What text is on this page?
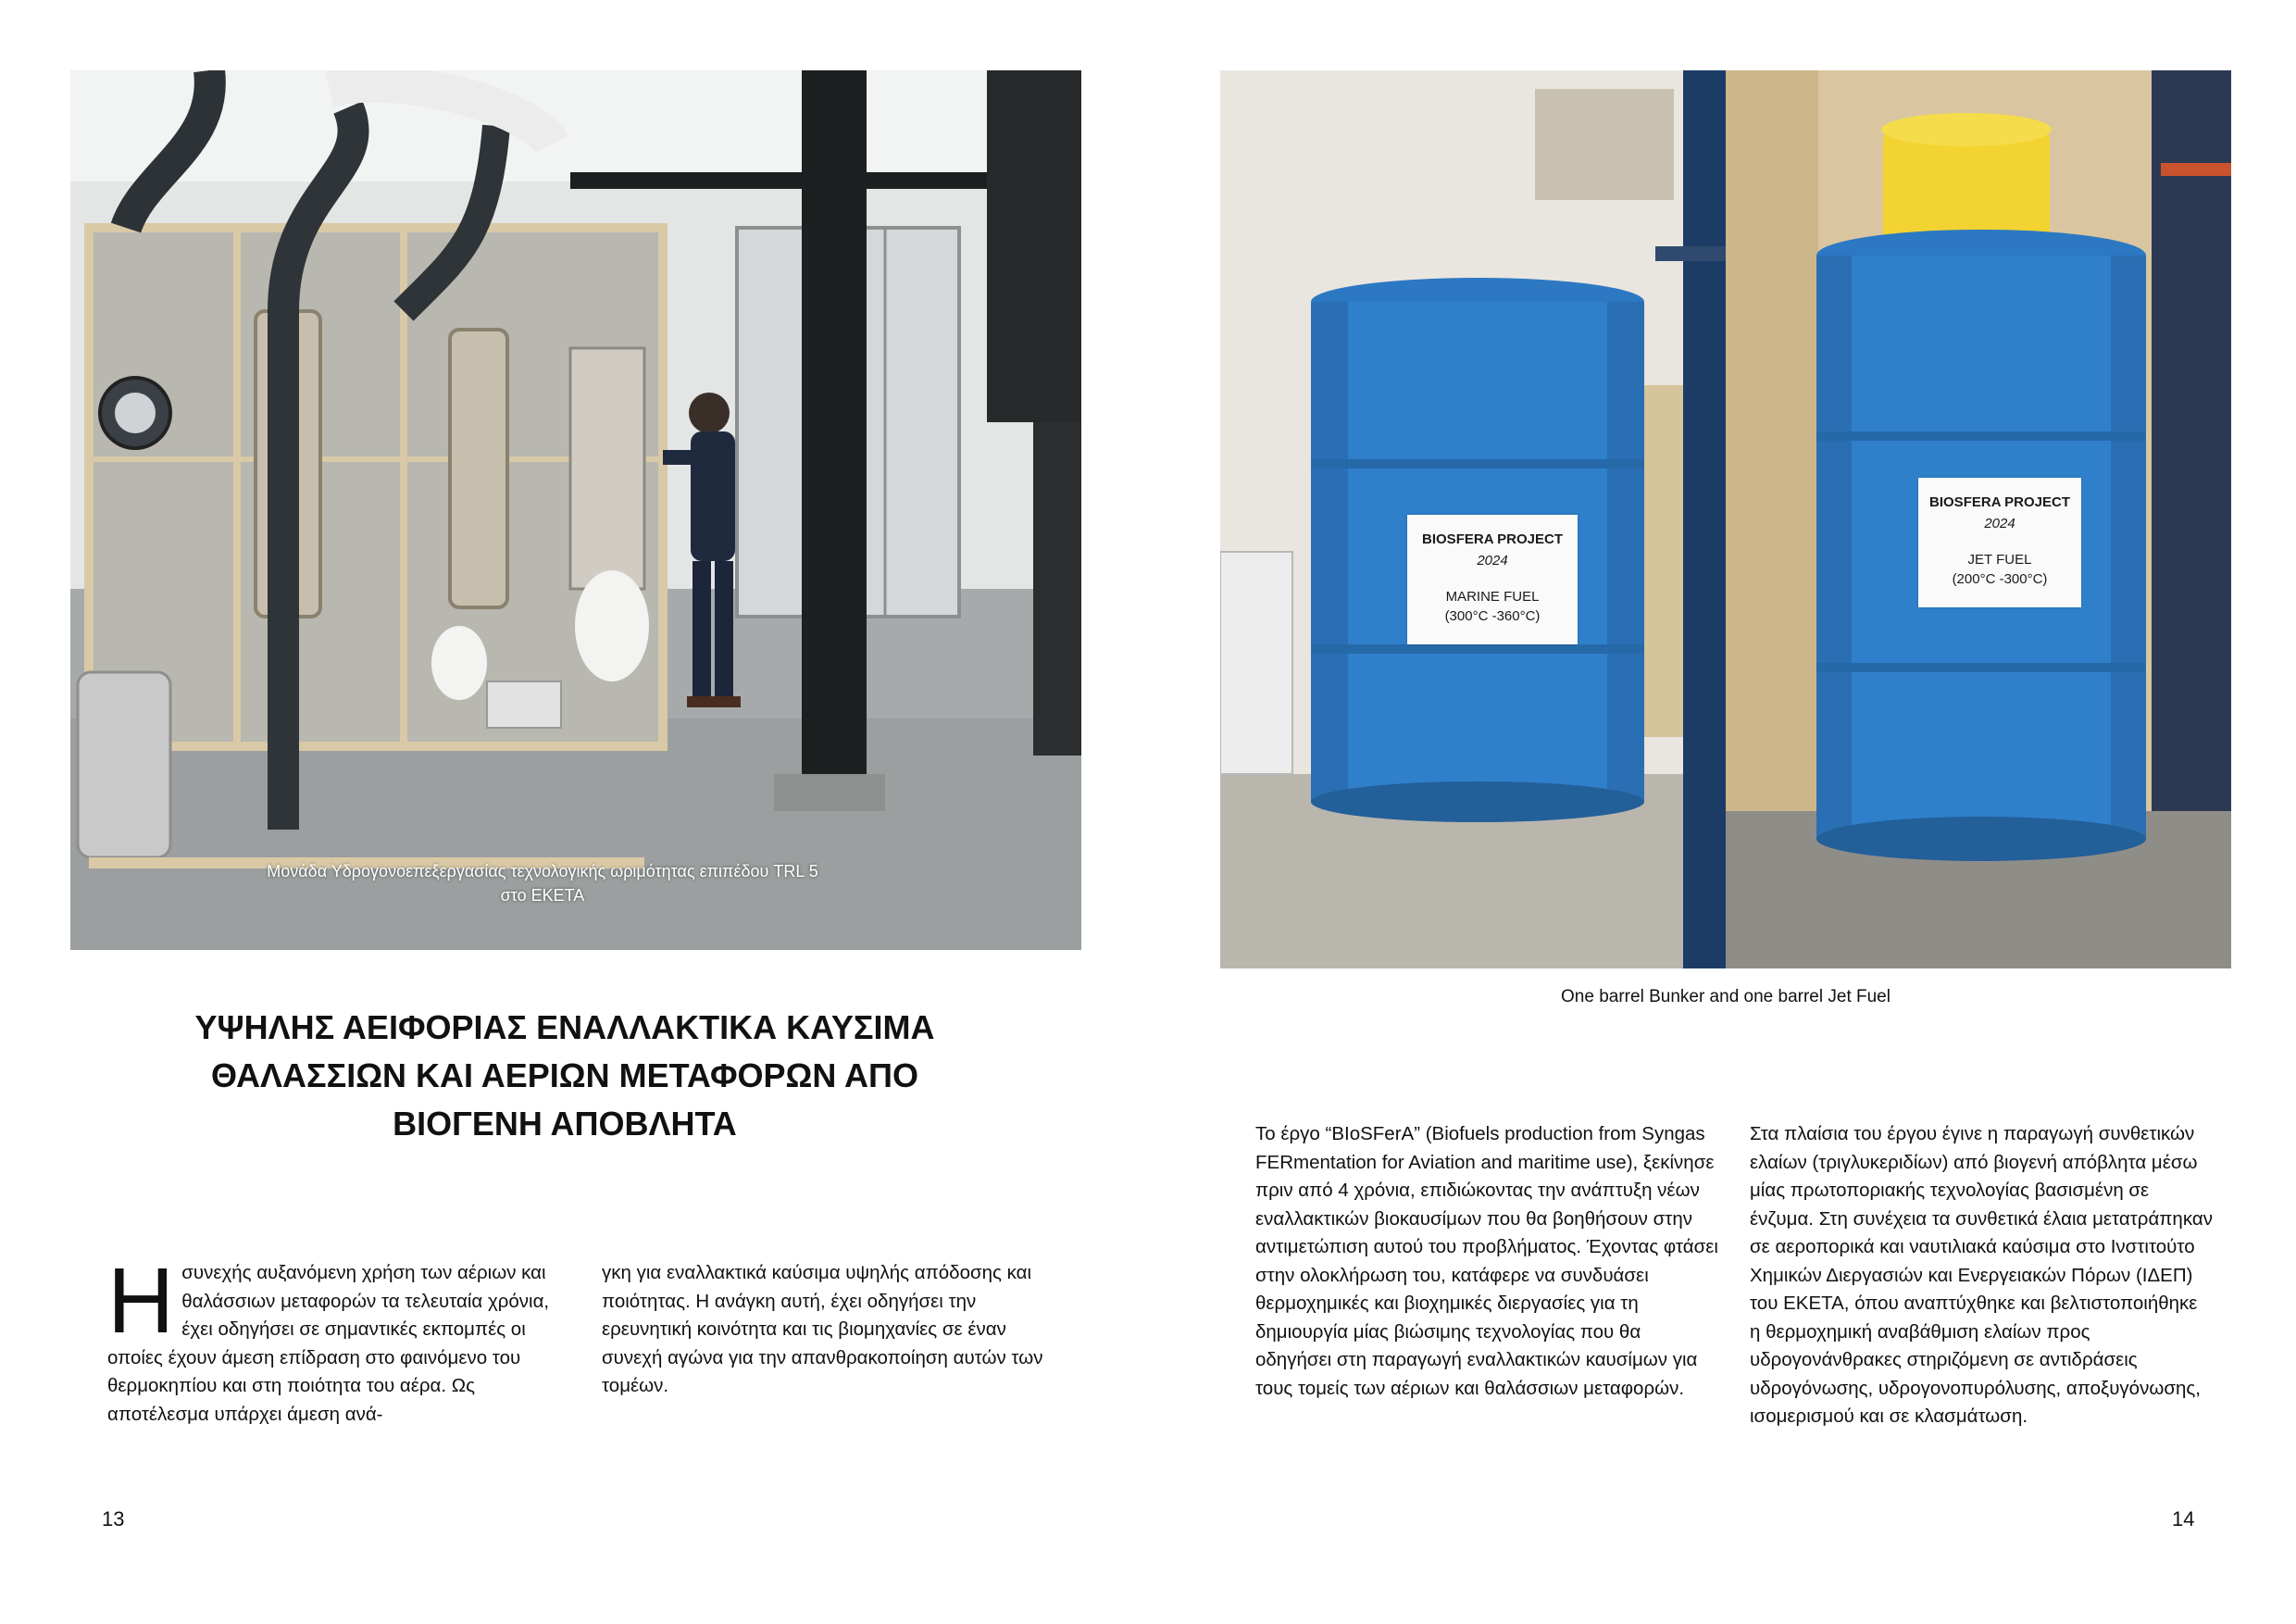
Μονάδα Υδρογονοεπεξεργασίας τεχνολογικής ωριμότητας επιπέδου TRL 5 στο ΕΚΕΤΑ
ΥΨΗΛΗΣ ΑΕΙΦΟΡΙΑΣ ΕΝΑΛΛΑΚΤΙΚΑ ΚΑΥΣΙΜΑ ΘΑΛΑΣΣΙΩΝ ΚΑΙ ΑΕΡΙΩΝ ΜΕΤΑΦΟΡΩΝ ΑΠΟ ΒΙΟΓΕΝΗ ΑΠΟΒΛΗΤΑ
Η συνεχής αυξανόμενη χρήση των αέριων και θαλάσσιων μεταφορών τα τελευταία χρόνια, έχει οδηγήσει σε σημαντικές εκπομπές οι οποίες έχουν άμεση επίδραση στο φαινόμενο του θερμοκηπίου και στη ποιότητα του αέρα. Ως αποτέλεσμα υπάρχει άμεση ανά-

γκη για εναλλακτικά καύσιμα υψηλής απόδοσης και ποιότητας. Η ανάγκη αυτή, έχει οδηγήσει την ερευνητική κοινότητα και τις βιομηχανίες σε έναν συνεχή αγώνα για την απανθρακοποίηση αυτών των τομέων.

13
BIOSFERA PROJECT
2024
MARINE FUEL
(300°C -360°C)
BIOSFERA PROJECT
2024
JET FUEL
(200°C -300°C)
One barrel Bunker and one barrel Jet Fuel

Το έργο “BIoSFerA” (Biofuels production from Syngas FERmentation for Aviation and maritime use), ξεκίνησε πριν από 4 χρόνια, επιδιώκοντας την ανάπτυξη νέων εναλλακτικών βιοκαυσίμων που θα βοηθήσουν στην αντιμετώπιση αυτού του προβλήματος. Έχοντας φτάσει στην ολοκλήρωση του, κατάφερε να συνδυάσει θερμοχημικές και βιοχημικές διεργασίες για τη δημιουργία μίας βιώσιμης τεχνολογίας που θα οδηγήσει στη παραγωγή εναλλακτικών καυσίμων για τους τομείς των αέριων και θαλάσσιων μεταφορών.

Στα πλαίσια του έργου έγινε η παραγωγή συνθετικών ελαίων (τριγλυκεριδίων) από βιογενή απόβλητα μέσω μίας πρωτοποριακής τεχνολογίας βασισμένη σε ένζυμα. Στη συνέχεια τα συνθετικά έλαια μετατράπηκαν σε αεροπορικά και ναυτιλιακά καύσιμα στο Ινστιτούτο Χημικών Διεργασιών και Ενεργειακών Πόρων (ΙΔΕΠ) του ΕΚΕΤΑ, όπου αναπτύχθηκε και βελτιστοποιήθηκε η θερμοχημική αναβάθμιση ελαίων προς υδρογονάνθρακες στηριζόμενη σε αντιδράσεις υδρογόνωσης, υδρογονοπυρόλυσης, αποξυγόνωσης, ισομερισμού και σε κλασμάτωση.

14
